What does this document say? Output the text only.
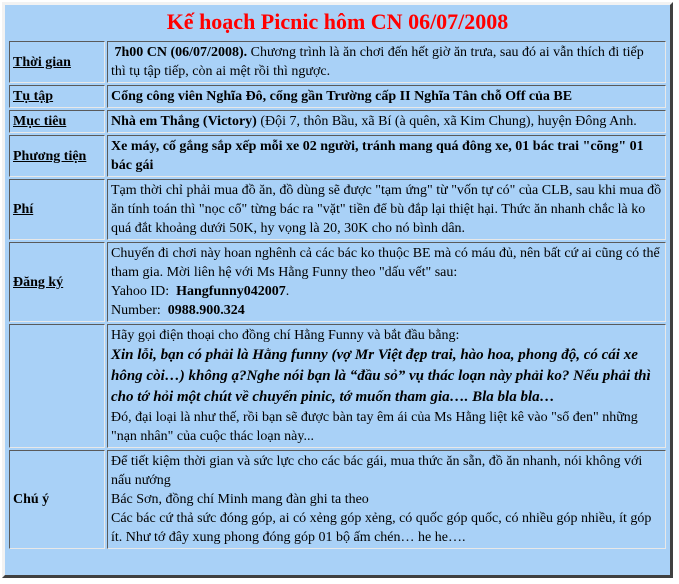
Kế hoạch Picnic hôm CN 06/07/2008
Thời gian	7h00 CN (06/07/2008). Chương trình là ăn chơi đến hết giờ ăn trưa, sau đó ai vẫn thích đi tiếp thì tụ tập tiếp, còn ai mệt rồi thì ngược.

Tụ tập	Cổng công viên Nghĩa Đô, cổng gần Trường cấp II Nghĩa Tân chỗ Off của BE
Mục tiêu	Nhà em Thắng (Victory) (Đội 7, thôn Bầu, xã Bí (à quên, xã Kim Chung), huyện Đông Anh.

Phương tiện	Xe máy, cố gắng sắp xếp mỗi xe 02 người, tránh mang quá đông xe, 01 bác trai "cõng" 01 bác gái
Phí	Tạm thời chỉ phải mua đồ ăn, đồ dùng sẽ được "tạm ứng" từ "vốn tự có" của CLB, sau khi mua đồ ăn tính toán thì "nọc cổ" từng bác ra "vặt" tiền để bù đắp lại thiệt hại. Thức ăn nhanh chắc là ko quá đắt khoảng dưới 50K, hy vọng là 20, 30K cho nó bình dân.
Đăng ký	Chuyến đi chơi này hoan nghênh cả các bác ko thuộc BE mà có máu đủ, nên bất cứ ai cũng có thể tham gia. Mời liên hệ với Ms Hằng Funny theo "dấu vết" sau:

Yahoo ID: Hangfunny042007.

Number: 0988.900.324

	Hãy gọi điện thoại cho đồng chí Hằng Funny và bắt đầu bằng:

Xin lỗi, bạn có phải là Hằng funny (vợ Mr Việt đẹp trai, hào hoa, phong độ, có cái xe hông còi…) không ạ?Nghe nói bạn là “đầu sỏ” vụ thác loạn này phải ko? Nếu phải thì cho tớ hỏi một chút về chuyến pinic, tớ muốn tham gia…. Bla bla bla…

Đó, đại loại là như thế, rồi bạn sẽ được bàn tay êm ái của Ms Hằng liệt kê vào "sổ đen" những "nạn nhân" của cuộc thác loạn này...

Chú ý	Để tiết kiệm thời gian và sức lực cho các bác gái, mua thức ăn sẵn, đồ ăn nhanh, nói không với nấu nướng

Bác Sơn, đồng chí Minh mang đàn ghi ta theo

Các bác cứ thả sức đóng góp, ai có xẻng góp xẻng, có quốc góp quốc, có nhiều góp nhiều, ít góp ít. Như tớ đây xung phong đóng góp 01 bộ ấm chén… he he….
